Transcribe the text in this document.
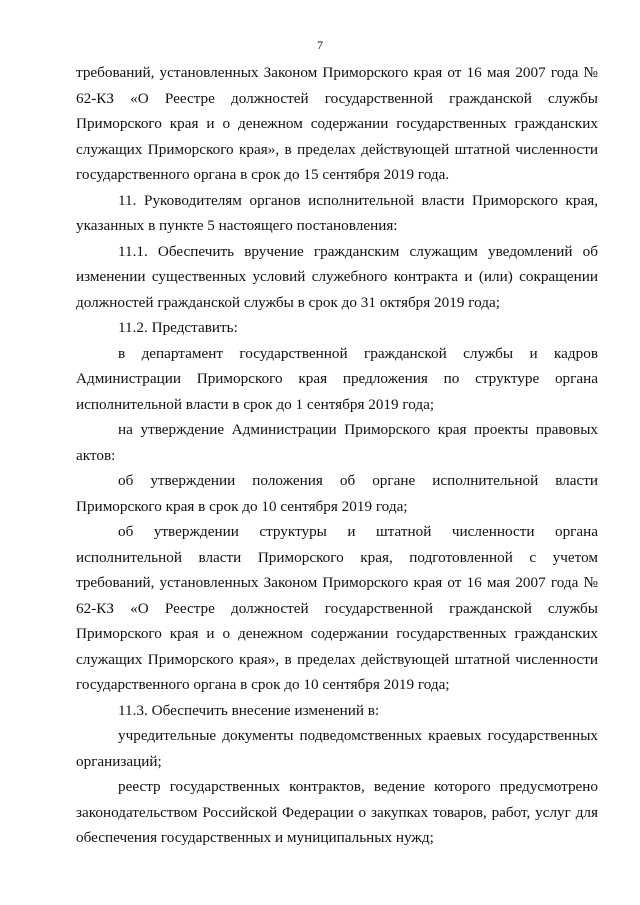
7

требований, установленных Законом Приморского края от 16 мая 2007 года № 62-КЗ «О Реестре должностей государственной гражданской службы Приморского края и о денежном содержании государственных гражданских служащих Приморского края», в пределах действующей штатной численности государственного органа в срок до 15 сентября 2019 года.

11. Руководителям органов исполнительной власти Приморского края, указанных в пункте 5 настоящего постановления:

11.1. Обеспечить вручение гражданским служащим уведомлений об изменении существенных условий служебного контракта и (или) сокращении должностей гражданской службы в срок до 31 октября 2019 года;

11.2. Представить:

в департамент государственной гражданской службы и кадров Администрации Приморского края предложения по структуре органа исполнительной власти в срок до 1 сентября 2019 года;

на утверждение Администрации Приморского края проекты правовых актов:

об утверждении положения об органе исполнительной власти Приморского края в срок до 10 сентября 2019 года;

об утверждении структуры и штатной численности органа исполнительной власти Приморского края, подготовленной с учетом требований, установленных Законом Приморского края от 16 мая 2007 года № 62-КЗ «О Реестре должностей государственной гражданской службы Приморского края и о денежном содержании государственных гражданских служащих Приморского края», в пределах действующей штатной численности государственного органа в срок до 10 сентября 2019 года;

11.3. Обеспечить внесение изменений в:

учредительные документы подведомственных краевых государственных организаций;

реестр государственных контрактов, ведение которого предусмотрено законодательством Российской Федерации о закупках товаров, работ, услуг для обеспечения государственных и муниципальных нужд;
